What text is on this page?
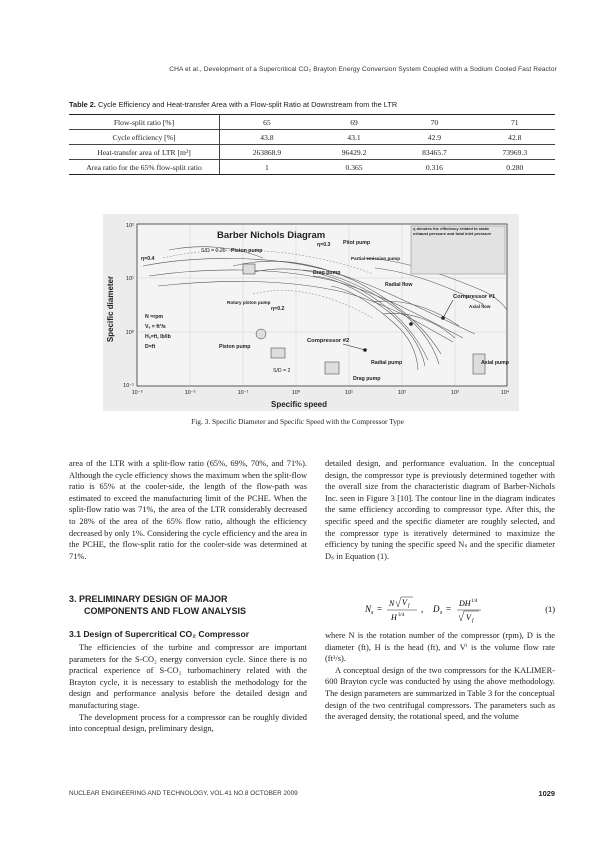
CHA et al., Development of a Supercritical CO₂ Brayton Energy Conversion System Coupled with a Sodium Cooled Fast Reactor
Table 2. Cycle Efficiency and Heat-transfer Area with a Flow-split Ratio at Downstream from the LTR
Flow-split ratio [%]	65	69	70	71
Cycle efficiency [%]	43.8	43.1	42.9	42.8
Heat-transfer area of LTR [m²]	263868.9	96429.2	83465.7	73969.3
Area ratio for the 65% flow-split ratio	1	0.365	0.316	0.280
Barber Nichols Diagram
Specific speed
Specific diameter
10⁻³	10⁻²	10⁻¹	10⁰	10¹	10²	10³	10⁴
10²
10¹
10⁰
10⁻¹
Piston pump
Pitot pump
Partial emission pump
Drag pump
Radial flow
Compressor #1
Axial flow
Rotary piston pump
Piston pump
Compressor #2
Radial pump
Drag pump
Axial pump
N =rpm
Vᵥ = ft³/s
Hₐ=ft, lb/lb
D=ft
η=0.4
η=0.2
η=0.3
S/D = 0.25
S/D = 2
η denotes the efficiency related to static exhaust pressure and total inlet pressure
Fig. 3. Specific Diameter and Specific Speed with the Compressor Type

area of the LTR with a split-flow ratio (65%, 69%, 70%, and 71%). Although the cycle efficiency shows the maximum when the split-flow ratio is 65% at the cooler-side, the length of the flow-path was estimated to exceed the manufacturing limit of the PCHE. When the split-flow ratio was 71%, the area of the LTR considerably decreased to 28% of the area of the 65% flow ratio, although the efficiency decreased by only 1%. Considering the cycle efficiency and the area in the PCHE, the flow-split ratio for the cooler-side was determined at 71%.

3. PRELIMINARY DESIGN OF MAJOR
COMPONENTS AND FLOW ANALYSIS
3.1 Design of Supercritical CO₂ Compressor

The efficiencies of the turbine and compressor are important parameters for the S-CO₂ energy conversion cycle. Since there is no practical experience of S-CO₂ turbomachinery related with the Brayton cycle, it is necessary to establish the methodology for the design and performance analysis before the detailed design and manufacturing stage.

The development process for a compressor can be roughly divided into conceptual design, preliminary design,

detailed design, and performance evaluation. In the conceptual design, the compressor type is previously determined together with the overall size from the characteristic diagram of Barber-Nichols Inc. seen in Figure 3 [10]. The contour line in the diagram indicates the same efficiency according to compressor type. After this, the specific speed and the specific diameter are roughly selected, and the compressor type is iteratively determined to maximize the efficiency by tuning the specific speed Nₛ and the specific diameter Dₛ in Equation (1).

N s =
N V f
H 3/4
, D s =
DH 1/4
V f
(1)

where N is the rotation number of the compressor (rpm), D is the diameter (ft), H is the head (ft), and Vⁱ is the volume flow rate (ft³/s).

A conceptual design of the two compressors for the KALIMER-600 Brayton cycle was conducted by using the above methodology. The design parameters are summarized in Table 3 for the conceptual design of the two centrifugal compressors. The parameters such as the averaged density, the rotational speed, and the volume

NUCLEAR ENGINEERING AND TECHNOLOGY, VOL.41 NO.8 OCTOBER 2009	1029
